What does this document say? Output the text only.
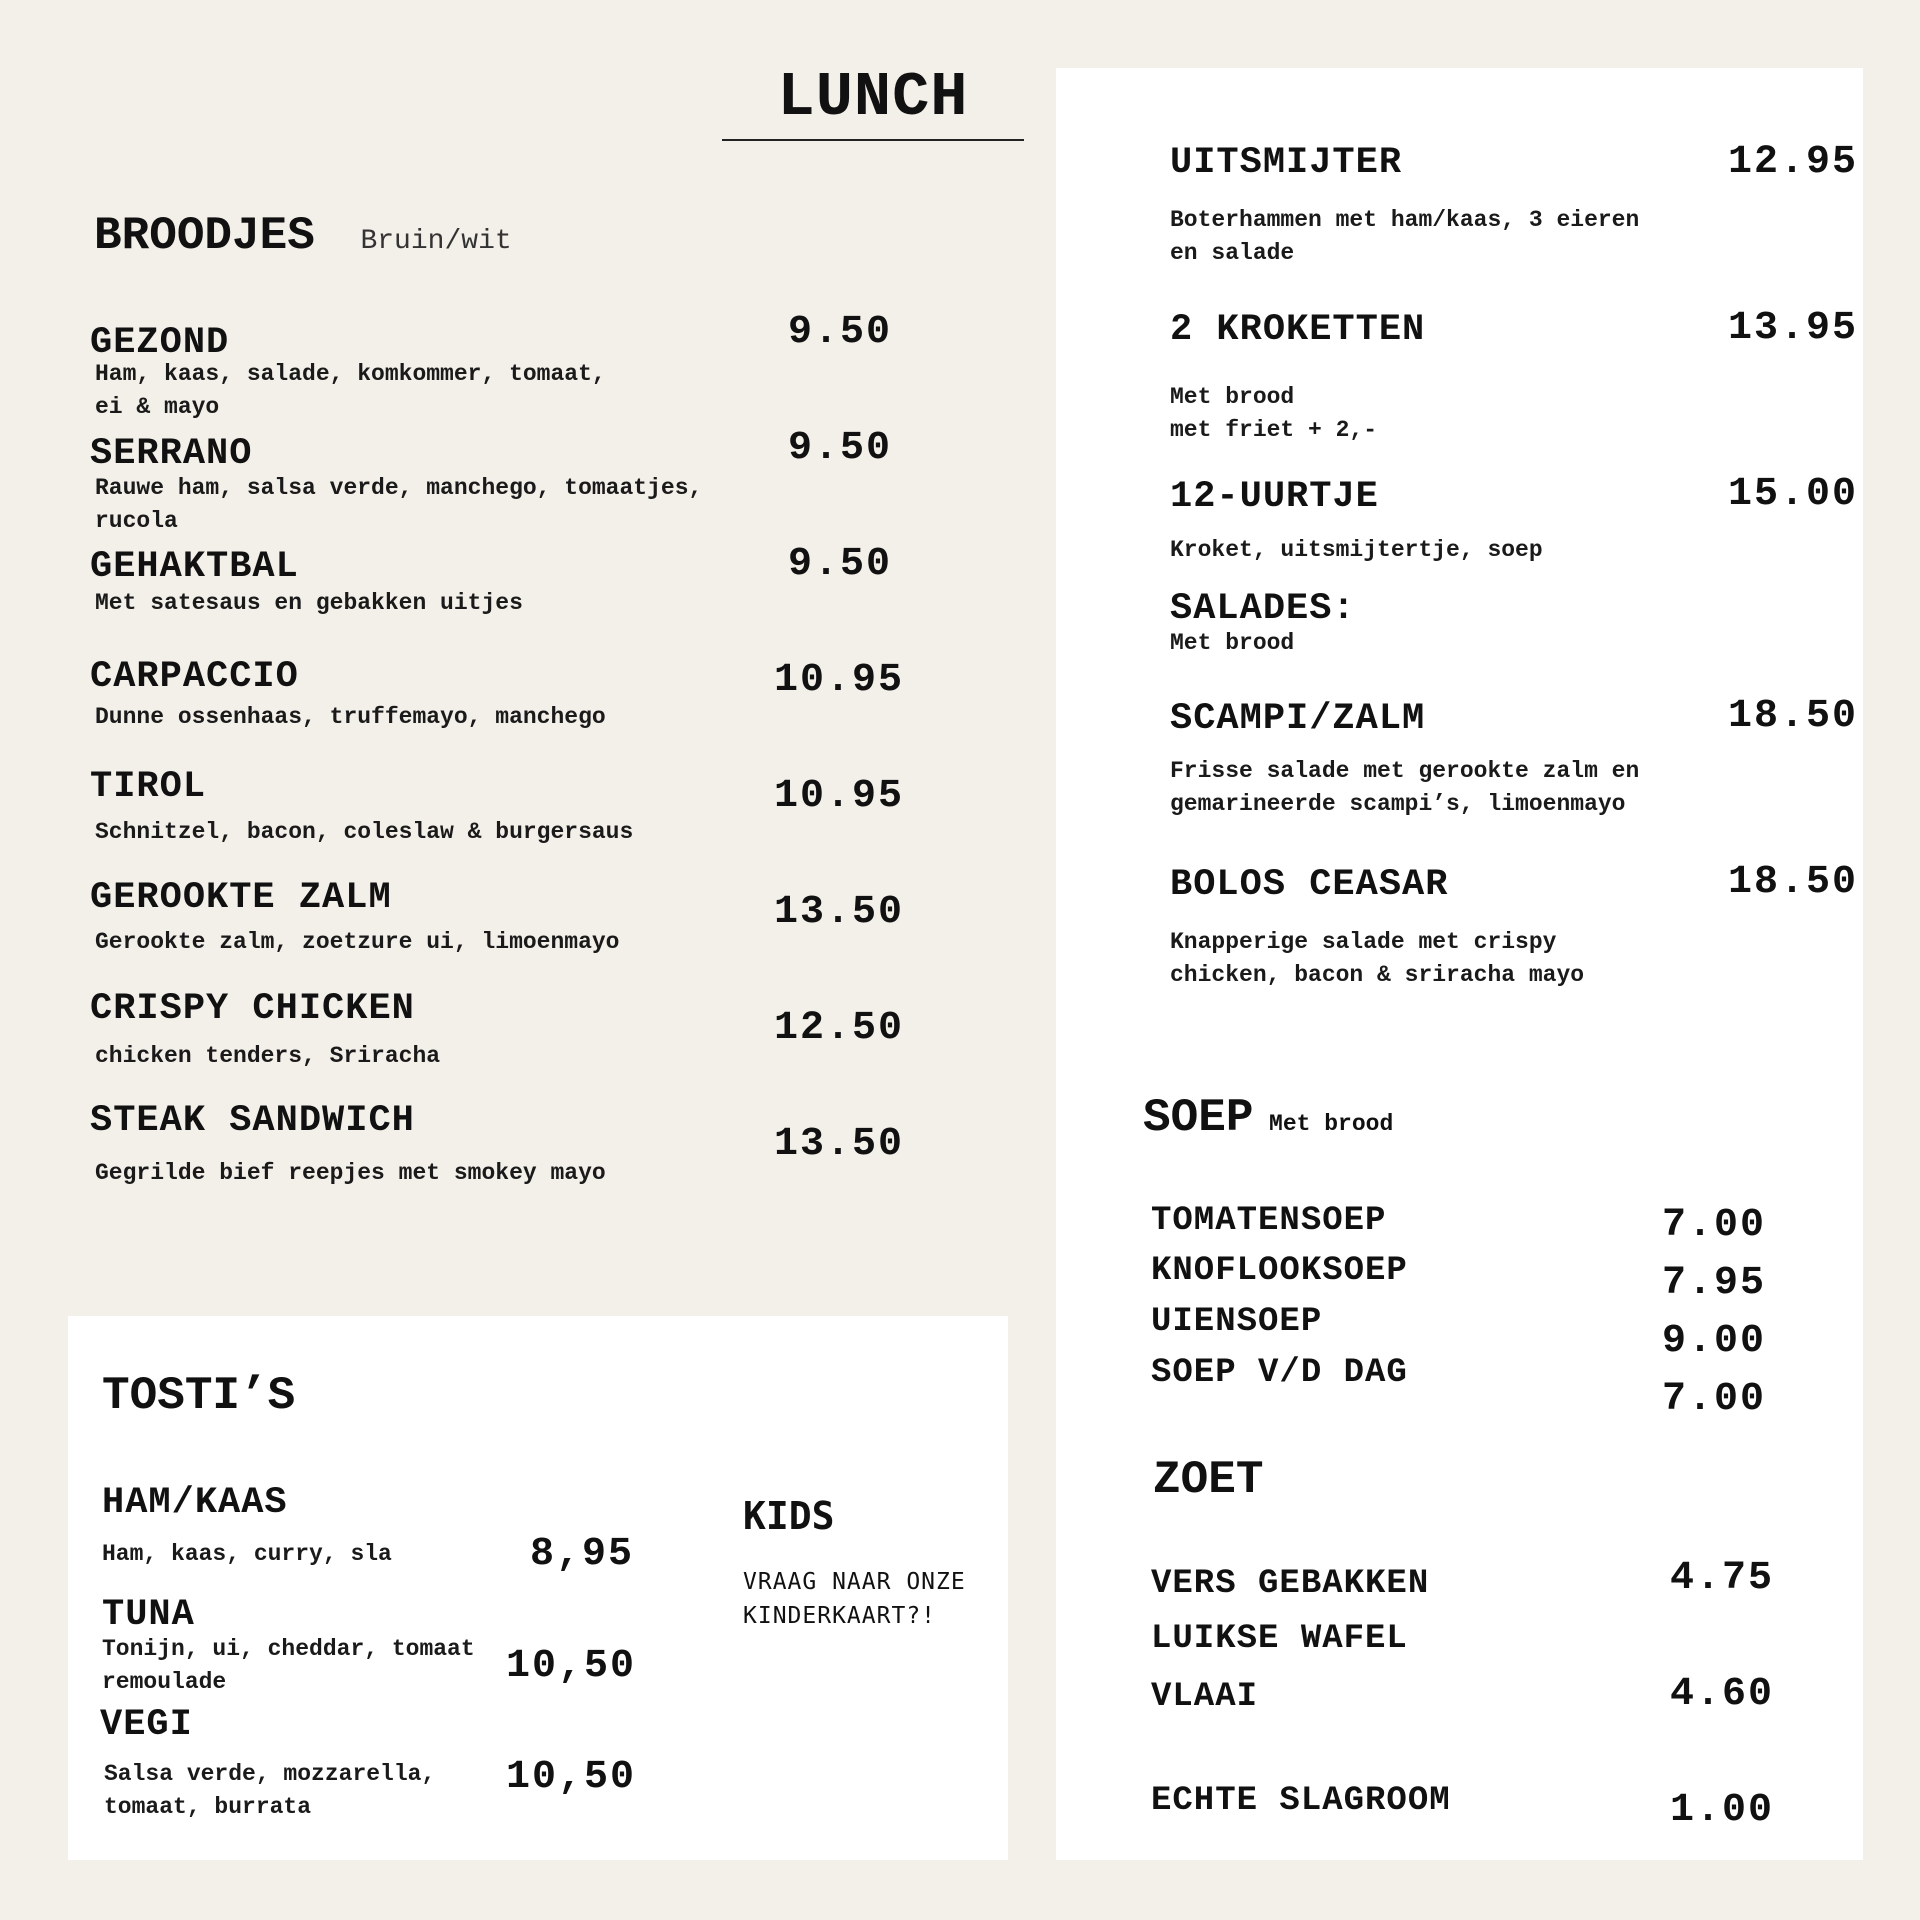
LUNCH
BROODJES Bruin/wit
GEZOND
Ham, kaas, salade, komkommer, tomaat,
ei & mayo
9.50
SERRANO
Rauwe ham, salsa verde, manchego, tomaatjes,
rucola
9.50
GEHAKTBAL
Met satesaus en gebakken uitjes
9.50
CARPACCIO
Dunne ossenhaas, truffemayo, manchego
10.95
TIROL
Schnitzel, bacon, coleslaw & burgersaus
10.95
GEROOKTE ZALM
Gerookte zalm, zoetzure ui, limoenmayo
13.50
CRISPY CHICKEN
chicken tenders, Sriracha
12.50
STEAK SANDWICH
Gegrilde bief reepjes met smokey mayo
13.50
TOSTI’S
HAM/KAAS
Ham, kaas, curry, sla	8,95
TUNA
Tonijn, ui, cheddar, tomaat
remoulade	10,50
VEGI
Salsa verde, mozzarella,
tomaat, burrata
10,50
KIDS
VRAAG NAAR ONZE
KINDERKAART?!
UITSMIJTER
Boterhammen met ham/kaas, 3 eieren
en salade
12.95
2 KROKETTEN
Met brood
met friet + 2,-
13.95
12-UURTJE
Kroket, uitsmijtertje, soep
15.00
SALADES:
Met brood
SCAMPI/ZALM
Frisse salade met gerookte zalm en
gemarineerde scampi’s, limoenmayo
18.50
BOLOS CEASAR
Knapperige salade met crispy
chicken, bacon & sriracha mayo
18.50
SOEP Met brood
TOMATENSOEP	7.00
KNOFLOOKSOEP	7.95
UIENSOEP	9.00
SOEP V/D DAG
7.00
ZOET
VERS GEBAKKEN
LUIKSE WAFEL
4.75
VLAAI	4.60
ECHTE SLAGROOM	1.00
